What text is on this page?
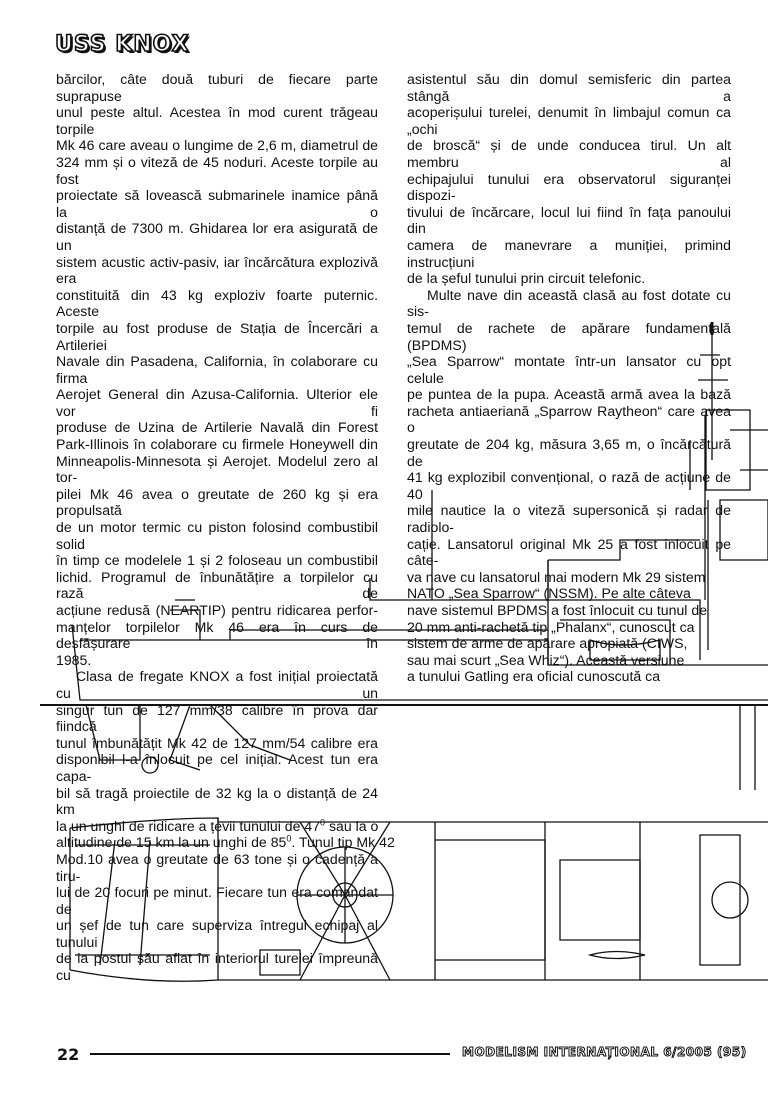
USS KNOX
bărcilor, câte două tuburi de fiecare parte suprapuse
unul peste altul. Acestea în mod curent trăgeau torpile
Mk 46 care aveau o lungime de 2,6 m, diametrul de
324 mm și o viteză de 45 noduri. Aceste torpile au fost
proiectate să lovească submarinele inamice până la o
distanță de 7300 m. Ghidarea lor era asigurată de un
sistem acustic activ-pasiv, iar încărcătura explozivă era
constituită din 43 kg exploziv foarte puternic. Aceste
torpile au fost produse de Stația de Încercări a Artileriei
Navale din Pasadena, California, în colaborare cu firma
Aerojet General din Azusa-California. Ulterior ele vor fi
produse de Uzina de Artilerie Navală din Forest
Park-Illinois în colaborare cu firmele Honeywell din
Minneapolis-Minnesota și Aerojet. Modelul zero al tor-
pilei Mk 46 avea o greutate de 260 kg și era propulsată
de un motor termic cu piston folosind combustibil solid
în timp ce modelele 1 și 2 foloseau un combustibil
lichid. Programul de înbunătățire a torpilelor cu rază de
acțiune redusă (NEARTIP) pentru ridicarea perfor-
manțelor torpilelor Mk 46 era în curs de desfășurare în
1985.
Clasa de fregate KNOX a fost inițial proiectată cu un
singur tun de 127 mm/38 calibre în prova dar fiindcă
tunul îmbunătățit Mk 42 de 127 mm/54 calibre era
disponibil l-a înlocuit pe cel inițial. Acest tun era capa-
bil să tragă proiectile de 32 kg la o distanță de 24 km
la un unghi de ridicare a țevii tunului de $47^0$ sau la o
altitudine de 15 km la un unghi de $85^0$. Tunul tip Mk 42
Mod.10 avea o greutate de 63 tone și o cadență a tiru-
lui de 20 focuri pe minut. Fiecare tun era comandat de
un șef de tun care superviza întregul echipaj al tunului
de la postul său aflat în interiorul turelei împreună cu
asistentul său din domul semisferic din partea stângă a
acoperișului turelei, denumit în limbajul comun ca „ochi
de broscă“ și de unde conducea tirul. Un alt membru al
echipajului tunului era observatorul siguranței dispozi-
tivului de încărcare, locul lui fiind în fața panoului din
camera de manevrare a muniției, primind instrucțiuni
de la șeful tunului prin circuit telefonic.
Multe nave din această clasă au fost dotate cu sis-
temul de rachete de apărare fundamentală (BPDMS)
„Sea Sparrow“ montate într-un lansator cu opt celule
pe puntea de la pupa. Această armă avea la bază
racheta antiaeriană „Sparrow Raytheon“ care avea o
greutate de 204 kg, măsura 3,65 m, o încărcătură de
41 kg explozibil convențional, o rază de acțiune de 40
mile nautice la o viteză supersonică și radar de radiolo-
cație. Lansatorul original Mk 25 a fost înlocuit pe câte-
va nave cu lansatorul mai modern Mk 29 sistem
NATO „Sea Sparrow“ (NSSM). Pe alte câteva
nave sistemul BPDMS a fost înlocuit cu tunul de
20 mm anti-rachetă tip „Phalanx“, cunoscut ca
sistem de arme de apărare apropiată (CIWS,
sau mai scurt „Sea Whiz“). Această versiune
a tunului Gatling era oficial cunoscută ca
22	MODELISM INTERNAȚIONAL 6/2005 (95)
